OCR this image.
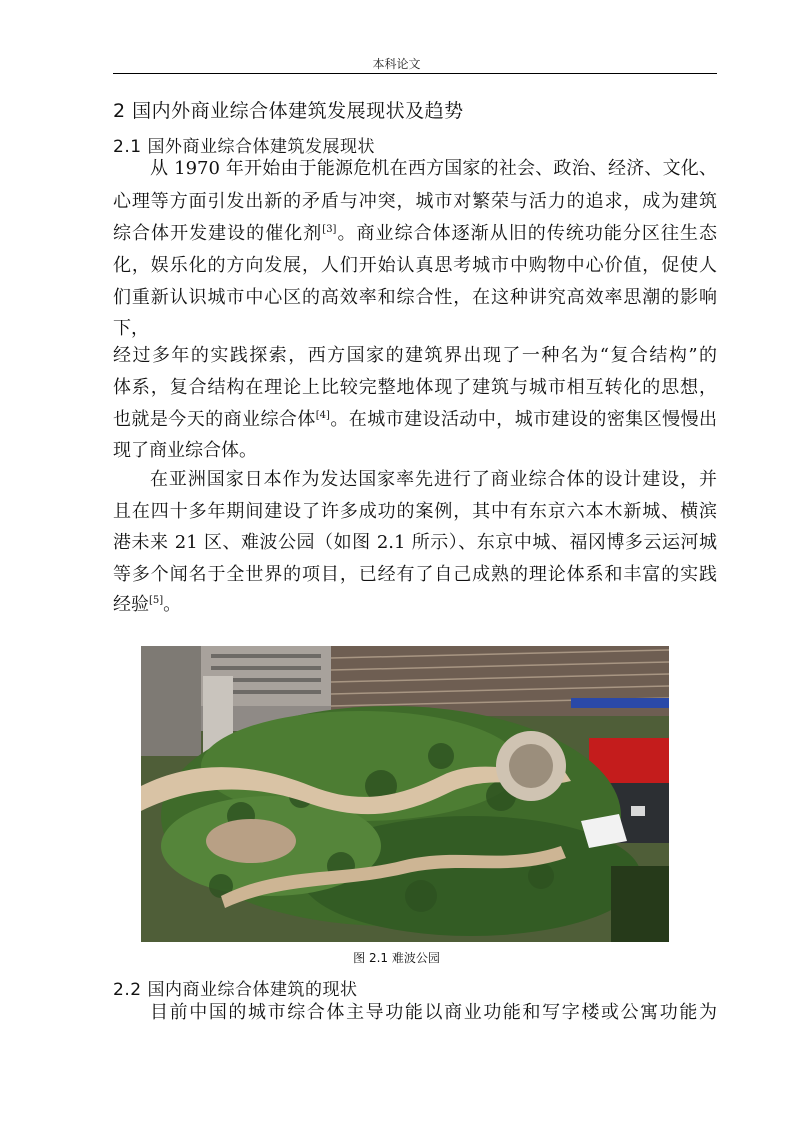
本科论文
2 国内外商业综合体建筑发展现状及趋势
2.1 国外商业综合体建筑发展现状
从 1970 年开始由于能源危机在西方国家的社会、政治、经济、文化、
心理等方面引发出新的矛盾与冲突，城市对繁荣与活力的追求，成为建筑
综合体开发建设的催化剂[3]。商业综合体逐渐从旧的传统功能分区往生态
化，娱乐化的方向发展，人们开始认真思考城市中购物中心价值，促使人
们重新认识城市中心区的高效率和综合性，在这种讲究高效率思潮的影响
下，
经过多年的实践探索，西方国家的建筑界出现了一种名为“复合结构”的
体系，复合结构在理论上比较完整地体现了建筑与城市相互转化的思想，
也就是今天的商业综合体[4]。在城市建设活动中，城市建设的密集区慢慢出
现了商业综合体。
在亚洲国家日本作为发达国家率先进行了商业综合体的设计建设，并
且在四十多年期间建设了许多成功的案例，其中有东京六本木新城、横滨
港未来 21 区、难波公园（如图 2.1 所示）、东京中城、福冈博多云运河城
等多个闻名于全世界的项目，已经有了自己成熟的理论体系和丰富的实践
经验[5]。
图 2.1 难波公园
2.2 国内商业综合体建筑的现状
目前中国的城市综合体主导功能以商业功能和写字楼或公寓功能为
